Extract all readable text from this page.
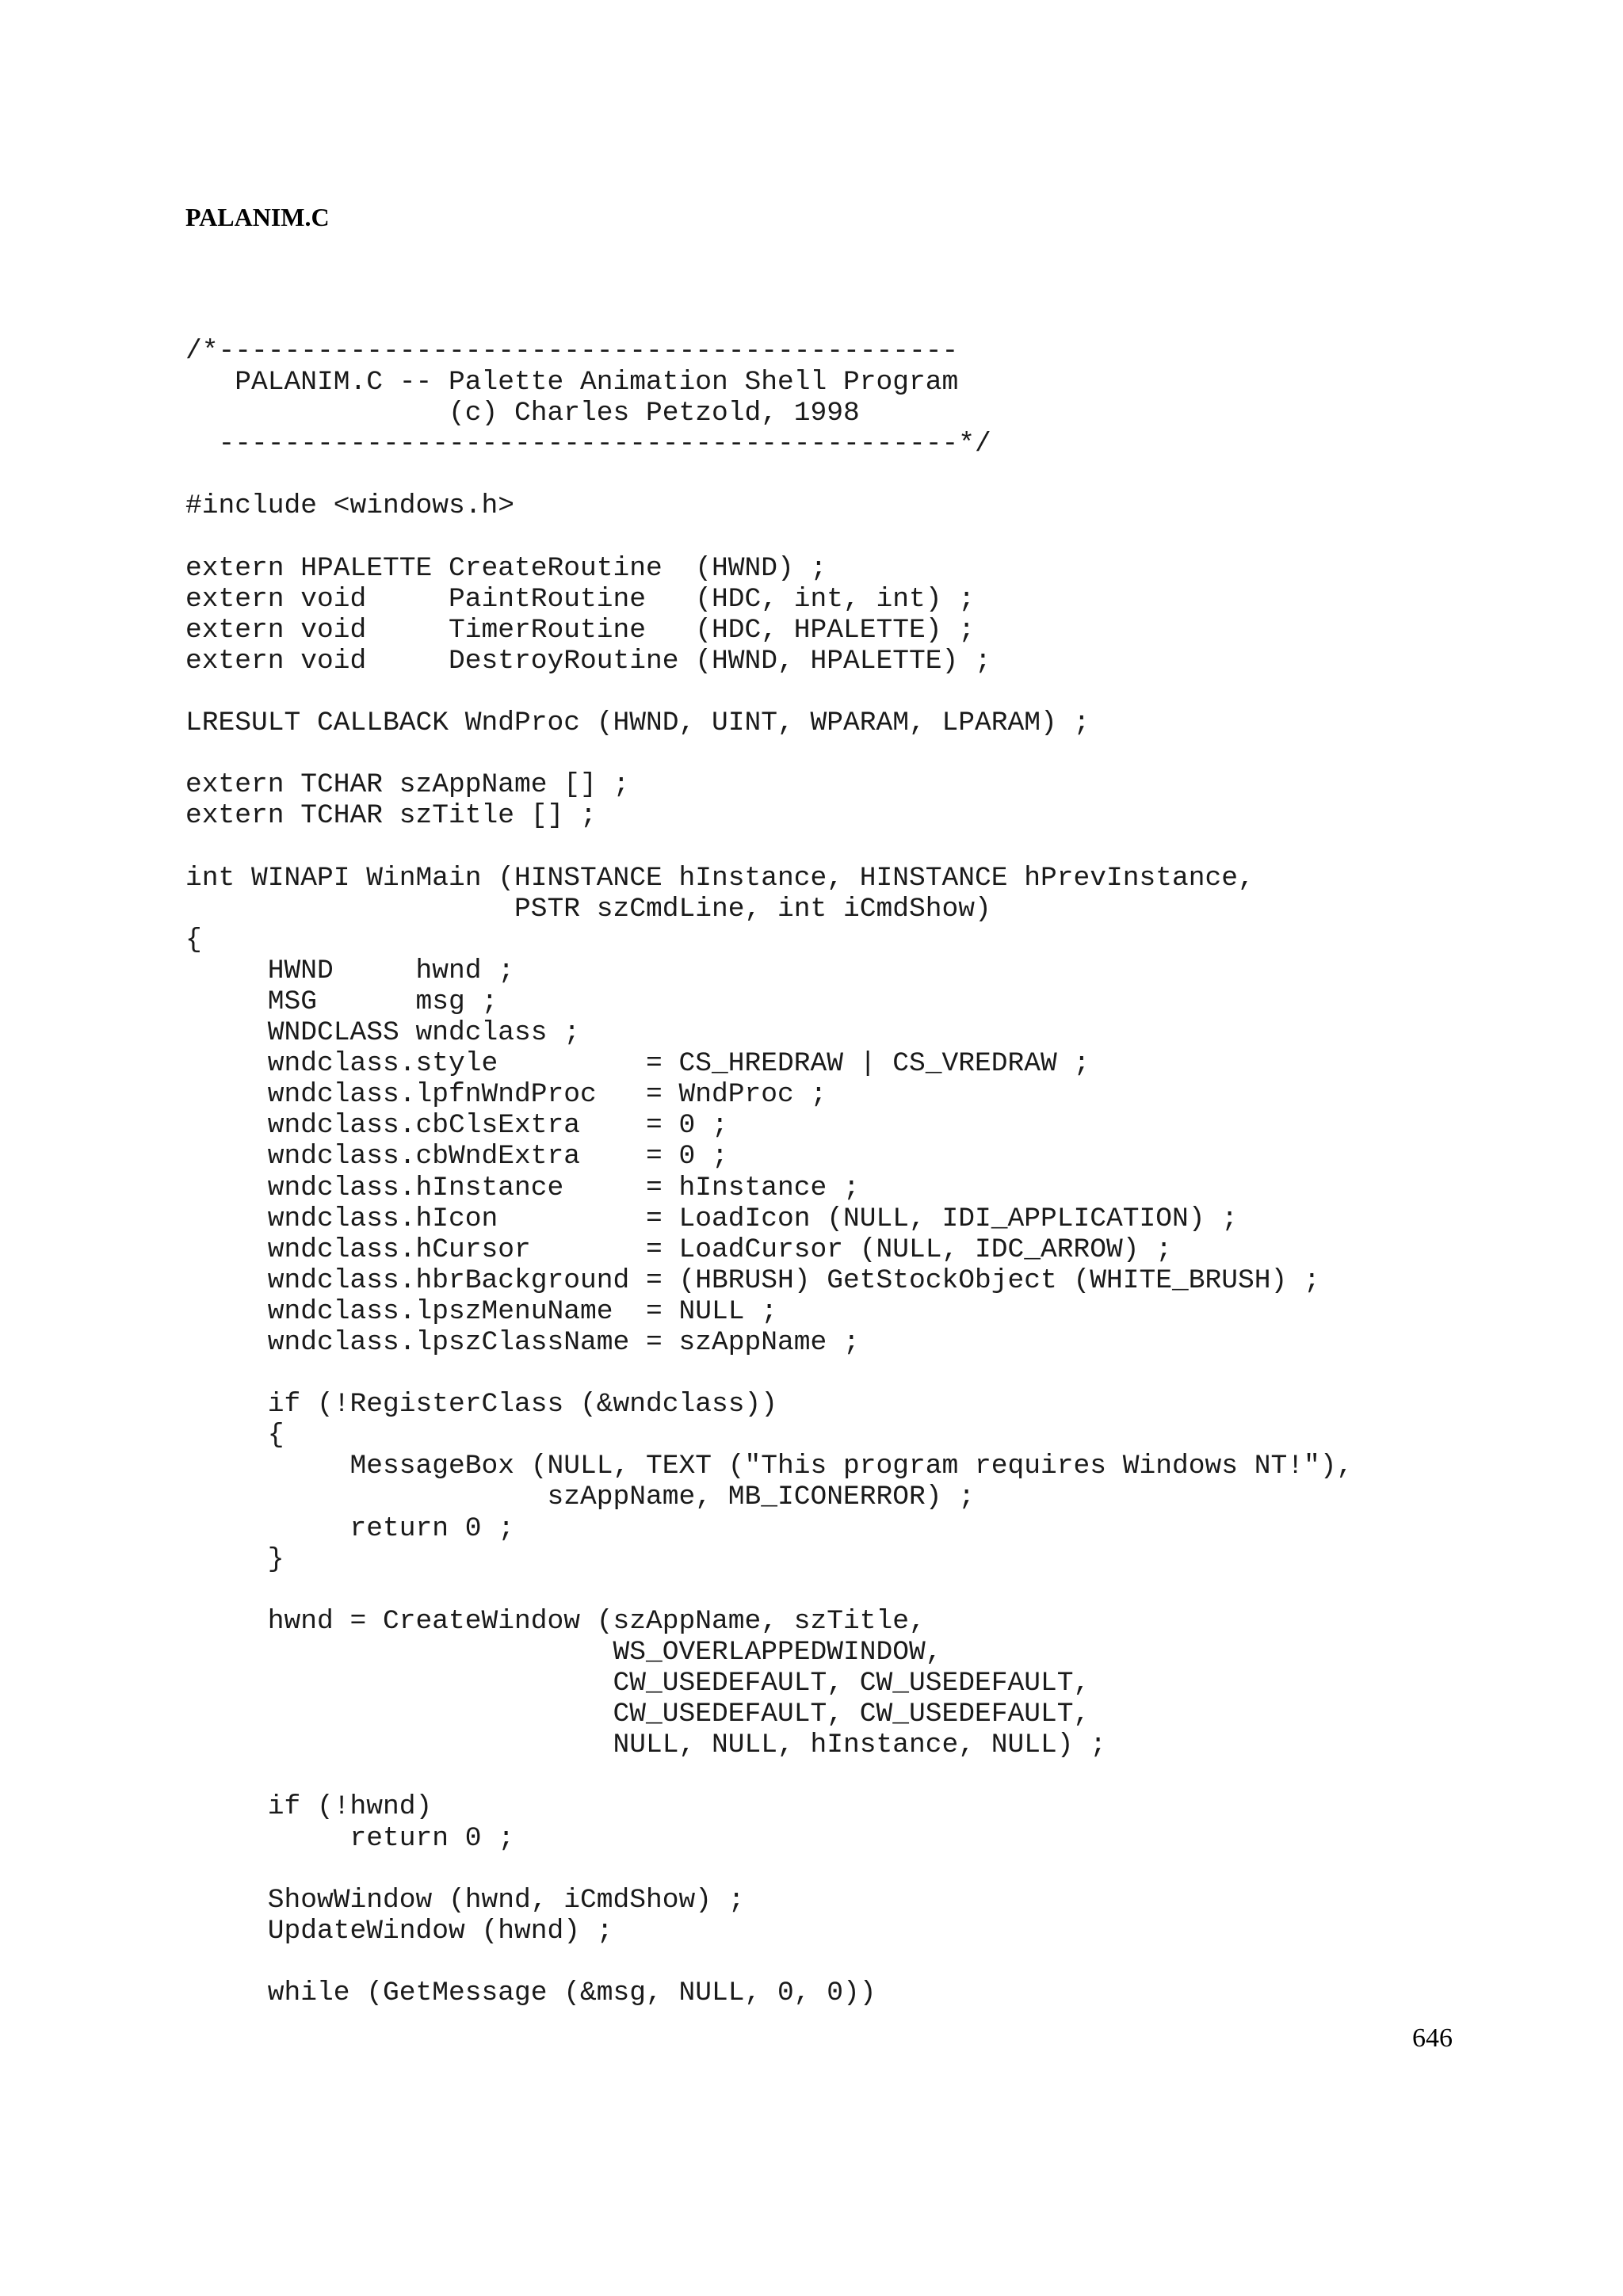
PALANIM.C
/*---------------------------------------------
PALANIM.C -- Palette Animation Shell Program
(c) Charles Petzold, 1998
---------------------------------------------*/
#include <windows.h>
extern HPALETTE CreateRoutine  (HWND) ;
extern void     PaintRoutine   (HDC, int, int) ;
extern void     TimerRoutine   (HDC, HPALETTE) ;
extern void     DestroyRoutine (HWND, HPALETTE) ;
LRESULT CALLBACK WndProc (HWND, UINT, WPARAM, LPARAM) ;
extern TCHAR szAppName [] ;
extern TCHAR szTitle [] ;
int WINAPI WinMain (HINSTANCE hInstance, HINSTANCE hPrevInstance,
PSTR szCmdLine, int iCmdShow)
{
HWND     hwnd ;
MSG      msg ;
WNDCLASS wndclass ;
wndclass.style         = CS_HREDRAW | CS_VREDRAW ;
wndclass.lpfnWndProc   = WndProc ;
wndclass.cbClsExtra    = 0 ;
wndclass.cbWndExtra    = 0 ;
wndclass.hInstance     = hInstance ;
wndclass.hIcon         = LoadIcon (NULL, IDI_APPLICATION) ;
wndclass.hCursor       = LoadCursor (NULL, IDC_ARROW) ;
wndclass.hbrBackground = (HBRUSH) GetStockObject (WHITE_BRUSH) ;
wndclass.lpszMenuName  = NULL ;
wndclass.lpszClassName = szAppName ;
if (!RegisterClass (&wndclass))
{
MessageBox (NULL, TEXT ("This program requires Windows NT!"),
szAppName, MB_ICONERROR) ;
return 0 ;
}
hwnd = CreateWindow (szAppName, szTitle,
WS_OVERLAPPEDWINDOW,
CW_USEDEFAULT, CW_USEDEFAULT,
CW_USEDEFAULT, CW_USEDEFAULT,
NULL, NULL, hInstance, NULL) ;
if (!hwnd)
return 0 ;
ShowWindow (hwnd, iCmdShow) ;
UpdateWindow (hwnd) ;
while (GetMessage (&msg, NULL, 0, 0))

646
